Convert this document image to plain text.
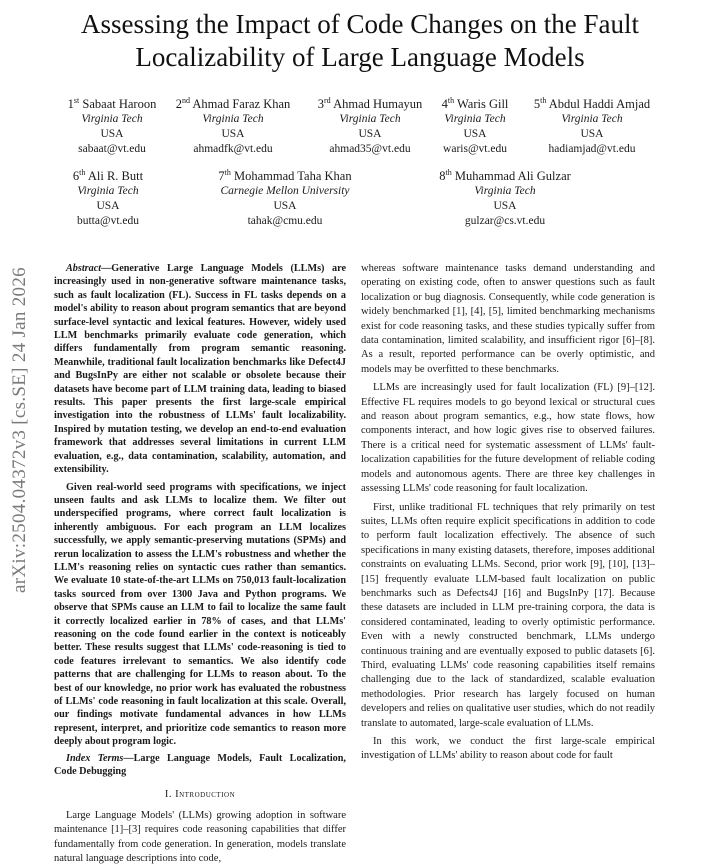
arXiv:2504.04372v3 [cs.SE] 24 Jan 2026
Assessing the Impact of Code Changes on the Fault
Localizability of Large Language Models
1st Sabaat Haroon
Virginia Tech
USA
sabaat@vt.edu
2nd Ahmad Faraz Khan
Virginia Tech
USA
ahmadfk@vt.edu
3rd Ahmad Humayun
Virginia Tech
USA
ahmad35@vt.edu
4th Waris Gill
Virginia Tech
USA
waris@vt.edu
5th Abdul Haddi Amjad
Virginia Tech
USA
hadiamjad@vt.edu
6th Ali R. Butt
Virginia Tech
USA
butta@vt.edu
7th Mohammad Taha Khan
Carnegie Mellon University
USA
tahak@cmu.edu
8th Muhammad Ali Gulzar
Virginia Tech
USA
gulzar@cs.vt.edu

Abstract—Generative Large Language Models (LLMs) are increasingly used in non-generative software maintenance tasks, such as fault localization (FL). Success in FL tasks depends on a model's ability to reason about program semantics that are beyond surface-level syntactic and lexical features. However, widely used LLM benchmarks primarily evaluate code generation, which differs fundamentally from program semantic reasoning. Meanwhile, traditional fault localization benchmarks like Defect4J and BugsInPy are either not scalable or obsolete because their datasets have become part of LLM training data, leading to biased results. This paper presents the first large-scale empirical investigation into the robustness of LLMs' fault localizability. Inspired by mutation testing, we develop an end-to-end evaluation framework that addresses several limitations in current LLM evaluation, e.g., data contamination, scalability, automation, and extensibility.

Given real-world seed programs with specifications, we inject unseen faults and ask LLMs to localize them. We filter out underspecified programs, where correct fault localization is inherently ambiguous. For each program an LLM localizes successfully, we apply semantic-preserving mutations (SPMs) and rerun localization to assess the LLM's robustness and whether the LLM's reasoning relies on syntactic cues rather than semantics. We evaluate 10 state-of-the-art LLMs on 750,013 fault-localization tasks sourced from over 1300 Java and Python programs. We observe that SPMs cause an LLM to fail to localize the same fault it correctly localized earlier in 78% of cases, and that LLMs' reasoning on the code found earlier in the context is noticeably better. These results suggest that LLMs' code-reasoning is tied to code features irrelevant to semantics. We also identify code patterns that are challenging for LLMs to reason about. To the best of our knowledge, no prior work has evaluated the robustness of LLMs' code reasoning in fault localization at this scale. Overall, our findings motivate fundamental advances in how LLMs represent, interpret, and prioritize code semantics to reason more deeply about program logic.

Index Terms—Large Language Models, Fault Localization, Code Debugging

I. Introduction

Large Language Models' (LLMs) growing adoption in software maintenance [1]–[3] requires code reasoning capabilities that differ fundamentally from code generation. In generation, models translate natural language descriptions into code,

whereas software maintenance tasks demand understanding and operating on existing code, often to answer questions such as fault localization or bug diagnosis. Consequently, while code generation is widely benchmarked [1], [4], [5], limited benchmarking mechanisms exist for code reasoning tasks, and these studies typically suffer from data contamination, limited scalability, and insufficient rigor [6]–[8]. As a result, reported performance can be overly optimistic, and models may be overfitted to these benchmarks.

LLMs are increasingly used for fault localization (FL) [9]–[12]. Effective FL requires models to go beyond lexical or structural cues and reason about program semantics, e.g., how state flows, how components interact, and how logic gives rise to observed failures. There is a critical need for systematic assessment of LLMs' fault-localization capabilities for the future development of reliable coding models and autonomous agents. There are three key challenges in assessing LLMs' code reasoning for fault localization.

First, unlike traditional FL techniques that rely primarily on test suites, LLMs often require explicit specifications in addition to code to perform fault localization effectively. The absence of such specifications in many existing datasets, therefore, imposes additional constraints on evaluating LLMs. Second, prior work [9], [10], [13]–[15] frequently evaluate LLM-based fault localization on public benchmarks such as Defects4J [16] and BugsInPy [17]. Because these datasets are included in LLM pre-training corpora, the data is considered contaminated, leading to overly optimistic performance. Even with a newly constructed benchmark, LLMs undergo continuous training and are eventually exposed to public datasets [6]. Third, evaluating LLMs' code reasoning capabilities itself remains challenging due to the lack of standardized, scalable evaluation methodologies. Prior research has largely focused on human developers and relies on qualitative user studies, which do not readily translate to automated, large-scale evaluation of LLMs.

In this work, we conduct the first large-scale empirical investigation of LLMs' ability to reason about code for fault
